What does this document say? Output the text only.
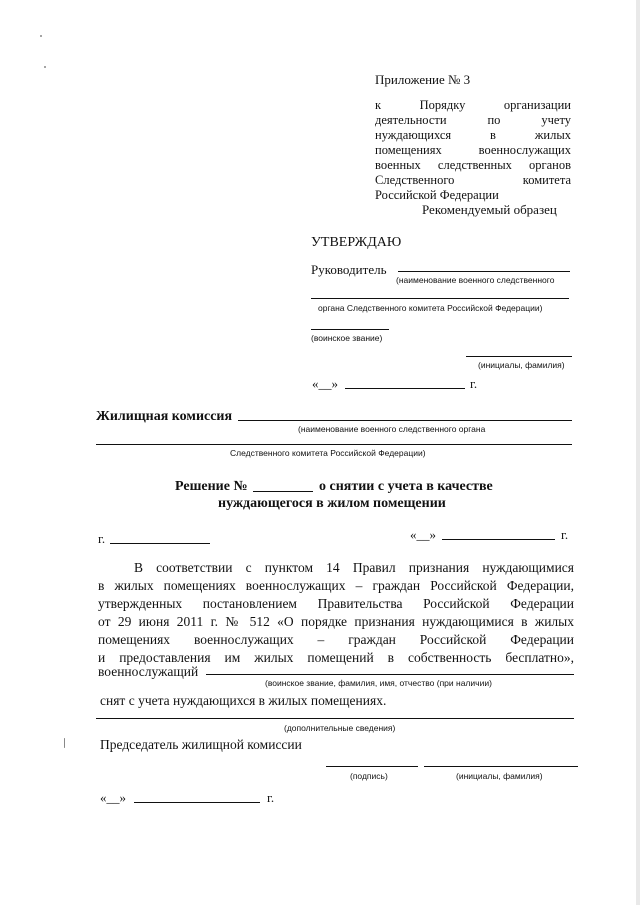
Приложение № 3
к Порядку организации
деятельности по учету
нуждающихся в жилых
помещениях военнослужащих
военных следственных органов
Следственного комитета
Российской Федерации
Рекомендуемый образец
УТВЕРЖДАЮ
Руководитель
(наименование военного следственного
органа Следственного комитета Российской Федерации)
(воинское звание)
(инициалы, фамилия)
«__»	г.
Жилищная комиссия
(наименование военного следственного органа
Следственного комитета Российской Федерации)
Решение №	о снятии с учета в качестве
нуждающегося в жилом помещении
г.	«__»	г.
В соответствии с пунктом 14 Правил признания нуждающимися
в жилых помещениях военнослужащих – граждан Российской Федерации,
утвержденных постановлением Правительства Российской Федерации
от 29 июня 2011 г. № 512 «О порядке признания нуждающимися в жилых
помещениях военнослужащих – граждан Российской Федерации
и предоставления им жилых помещений в собственность бесплатно»,
военнослужащий
(воинское звание, фамилия, имя, отчество (при наличии)
снят с учета нуждающихся в жилых помещениях.
(дополнительные сведения)
Председатель жилищной комиссии
(подпись)	(инициалы, фамилия)
«__»	г.
